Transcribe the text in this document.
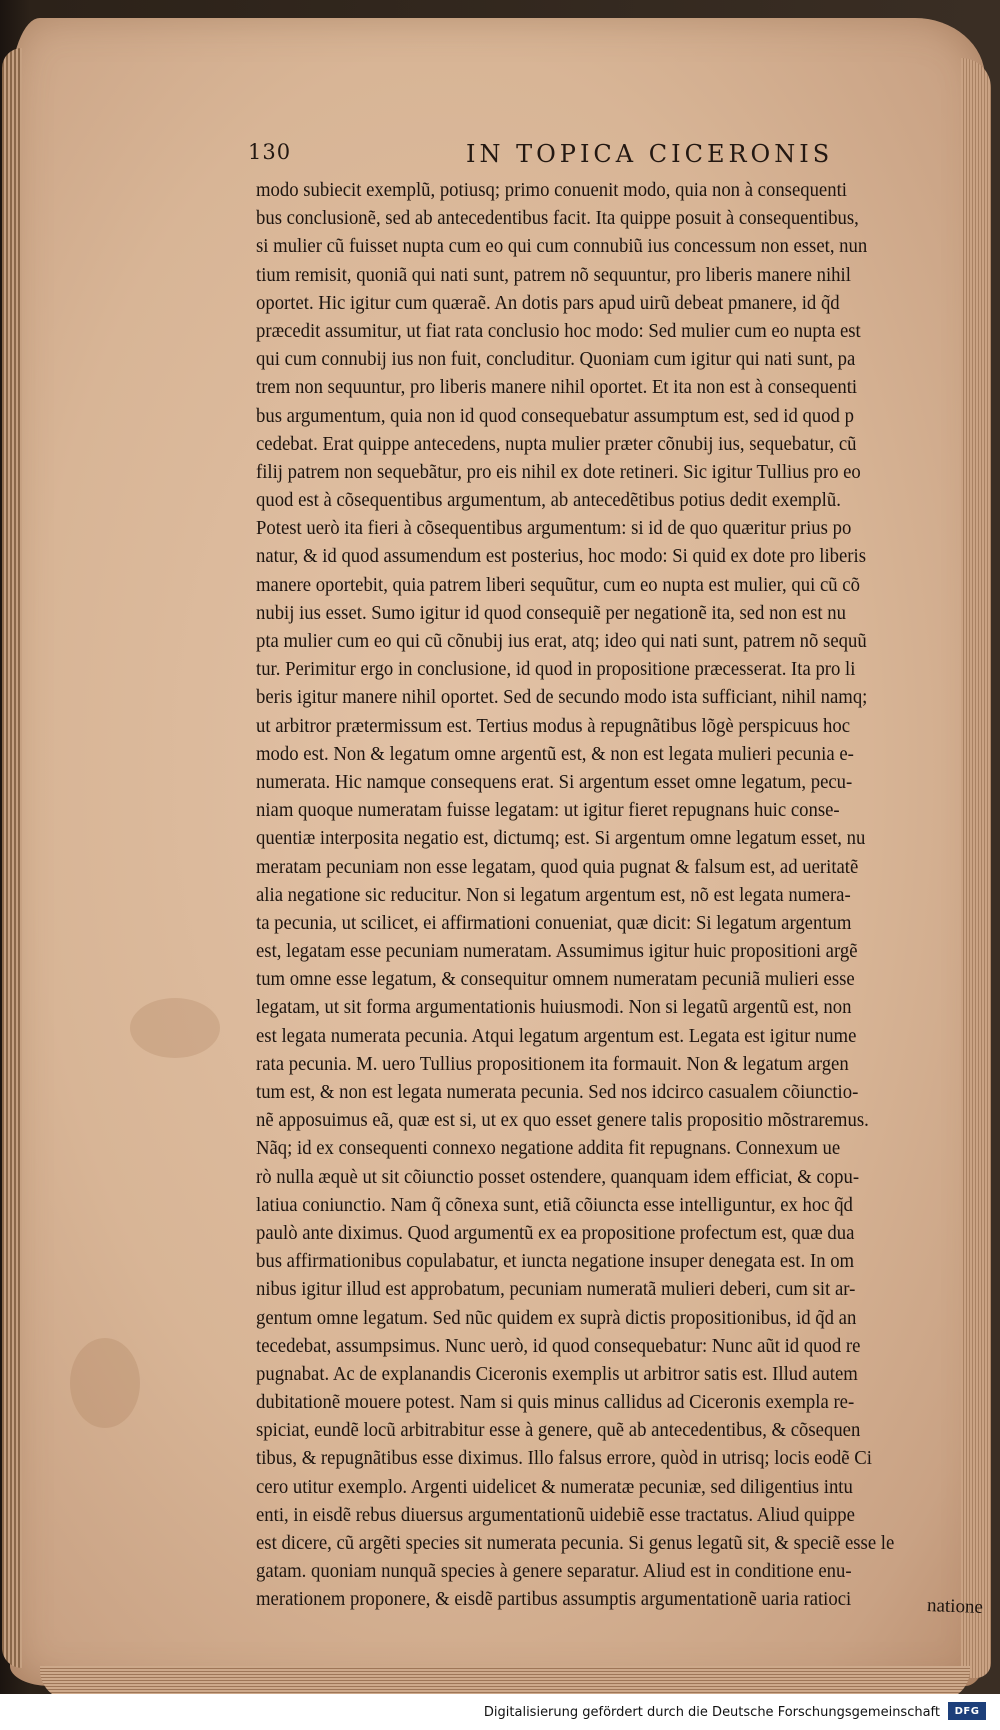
130	IN TOPICA CICERONIS
modo subiecit exemplũ, potiusq; primo conuenit modo, quia non à consequenti
bus conclusionẽ, sed ab antecedentibus facit. Ita quippe posuit à consequentibus,
si mulier cũ fuisset nupta cum eo qui cum connubiũ ius concessum non esset, nun
tium remisit, quoniã qui nati sunt, patrem nõ sequuntur, pro liberis manere nihil
oportet. Hic igitur cum quæraẽ. An dotis pars apud uirũ debeat pmanere, id q̃d
præcedit assumitur, ut fiat rata conclusio hoc modo: Sed mulier cum eo nupta est
qui cum connubij ius non fuit, concluditur. Quoniam cum igitur qui nati sunt, pa
trem non sequuntur, pro liberis manere nihil oportet. Et ita non est à consequenti
bus argumentum, quia non id quod consequebatur assumptum est, sed id quod p
cedebat. Erat quippe antecedens, nupta mulier præter cõnubij ius, sequebatur, cũ
filij patrem non sequebãtur, pro eis nihil ex dote retineri. Sic igitur Tullius pro eo
quod est à cõsequentibus argumentum, ab antecedẽtibus potius dedit exemplũ.
Potest uerò ita fieri à cõsequentibus argumentum: si id de quo quæritur prius po
natur, & id quod assumendum est posterius, hoc modo: Si quid ex dote pro liberis
manere oportebit, quia patrem liberi sequũtur, cum eo nupta est mulier, qui cũ cõ
nubij ius esset. Sumo igitur id quod consequiẽ per negationẽ ita, sed non est nu
pta mulier cum eo qui cũ cõnubij ius erat, atq; ideo qui nati sunt, patrem nõ sequũ
tur. Perimitur ergo in conclusione, id quod in propositione præcesserat. Ita pro li
beris igitur manere nihil oportet. Sed de secundo modo ista sufficiant, nihil namq;
ut arbitror prætermissum est. Tertius modus à repugnãtibus lõgè perspicuus hoc
modo est. Non & legatum omne argentũ est, & non est legata mulieri pecunia e-
numerata. Hic namque consequens erat. Si argentum esset omne legatum, pecu-
niam quoque numeratam fuisse legatam: ut igitur fieret repugnans huic conse-
quentiæ interposita negatio est, dictumq; est. Si argentum omne legatum esset, nu
meratam pecuniam non esse legatam, quod quia pugnat & falsum est, ad ueritatẽ
alia negatione sic reducitur. Non si legatum argentum est, nõ est legata numera-
ta pecunia, ut scilicet, ei affirmationi conueniat, quæ dicit: Si legatum argentum
est, legatam esse pecuniam numeratam. Assumimus igitur huic propositioni argẽ
tum omne esse legatum, & consequitur omnem numeratam pecuniã mulieri esse
legatam, ut sit forma argumentationis huiusmodi. Non si legatũ argentũ est, non
est legata numerata pecunia. Atqui legatum argentum est. Legata est igitur nume
rata pecunia. M. uero Tullius propositionem ita formauit. Non & legatum argen
tum est, & non est legata numerata pecunia. Sed nos idcirco casualem cõiunctio-
nẽ apposuimus eã, quæ est si, ut ex quo esset genere talis propositio mõstraremus.
Nãq; id ex consequenti connexo negatione addita fit repugnans. Connexum ue
rò nulla æquè ut sit cõiunctio posset ostendere, quanquam idem efficiat, & copu-
latiua coniunctio. Nam q̃ cõnexa sunt, etiã cõiuncta esse intelliguntur, ex hoc q̃d
paulò ante diximus. Quod argumentũ ex ea propositione profectum est, quæ dua
bus affirmationibus copulabatur, et iuncta negatione insuper denegata est. In om
nibus igitur illud est approbatum, pecuniam numeratã mulieri deberi, cum sit ar-
gentum omne legatum. Sed nũc quidem ex suprà dictis propositionibus, id q̃d an
tecedebat, assumpsimus. Nunc uerò, id quod consequebatur: Nunc aũt id quod re
pugnabat. Ac de explanandis Ciceronis exemplis ut arbitror satis est. Illud autem
dubitationẽ mouere potest. Nam si quis minus callidus ad Ciceronis exempla re-
spiciat, eundẽ locũ arbitrabitur esse à genere, quẽ ab antecedentibus, & cõsequen
tibus, & repugnãtibus esse diximus. Illo falsus errore, quòd in utrisq; locis eodẽ Ci
cero utitur exemplo. Argenti uidelicet & numeratæ pecuniæ, sed diligentius intu
enti, in eisdẽ rebus diuersus argumentationũ uidebiẽ esse tractatus. Aliud quippe
est dicere, cũ argẽti species sit numerata pecunia. Si genus legatũ sit, & speciẽ esse le
gatam. quoniam nunquã species à genere separatur. Aliud est in conditione enu-
merationem proponere, & eisdẽ partibus assumptis argumentationẽ uaria ratioci	natione
Digitalisierung gefördert durch die Deutsche Forschungsgemeinschaft	DFG
